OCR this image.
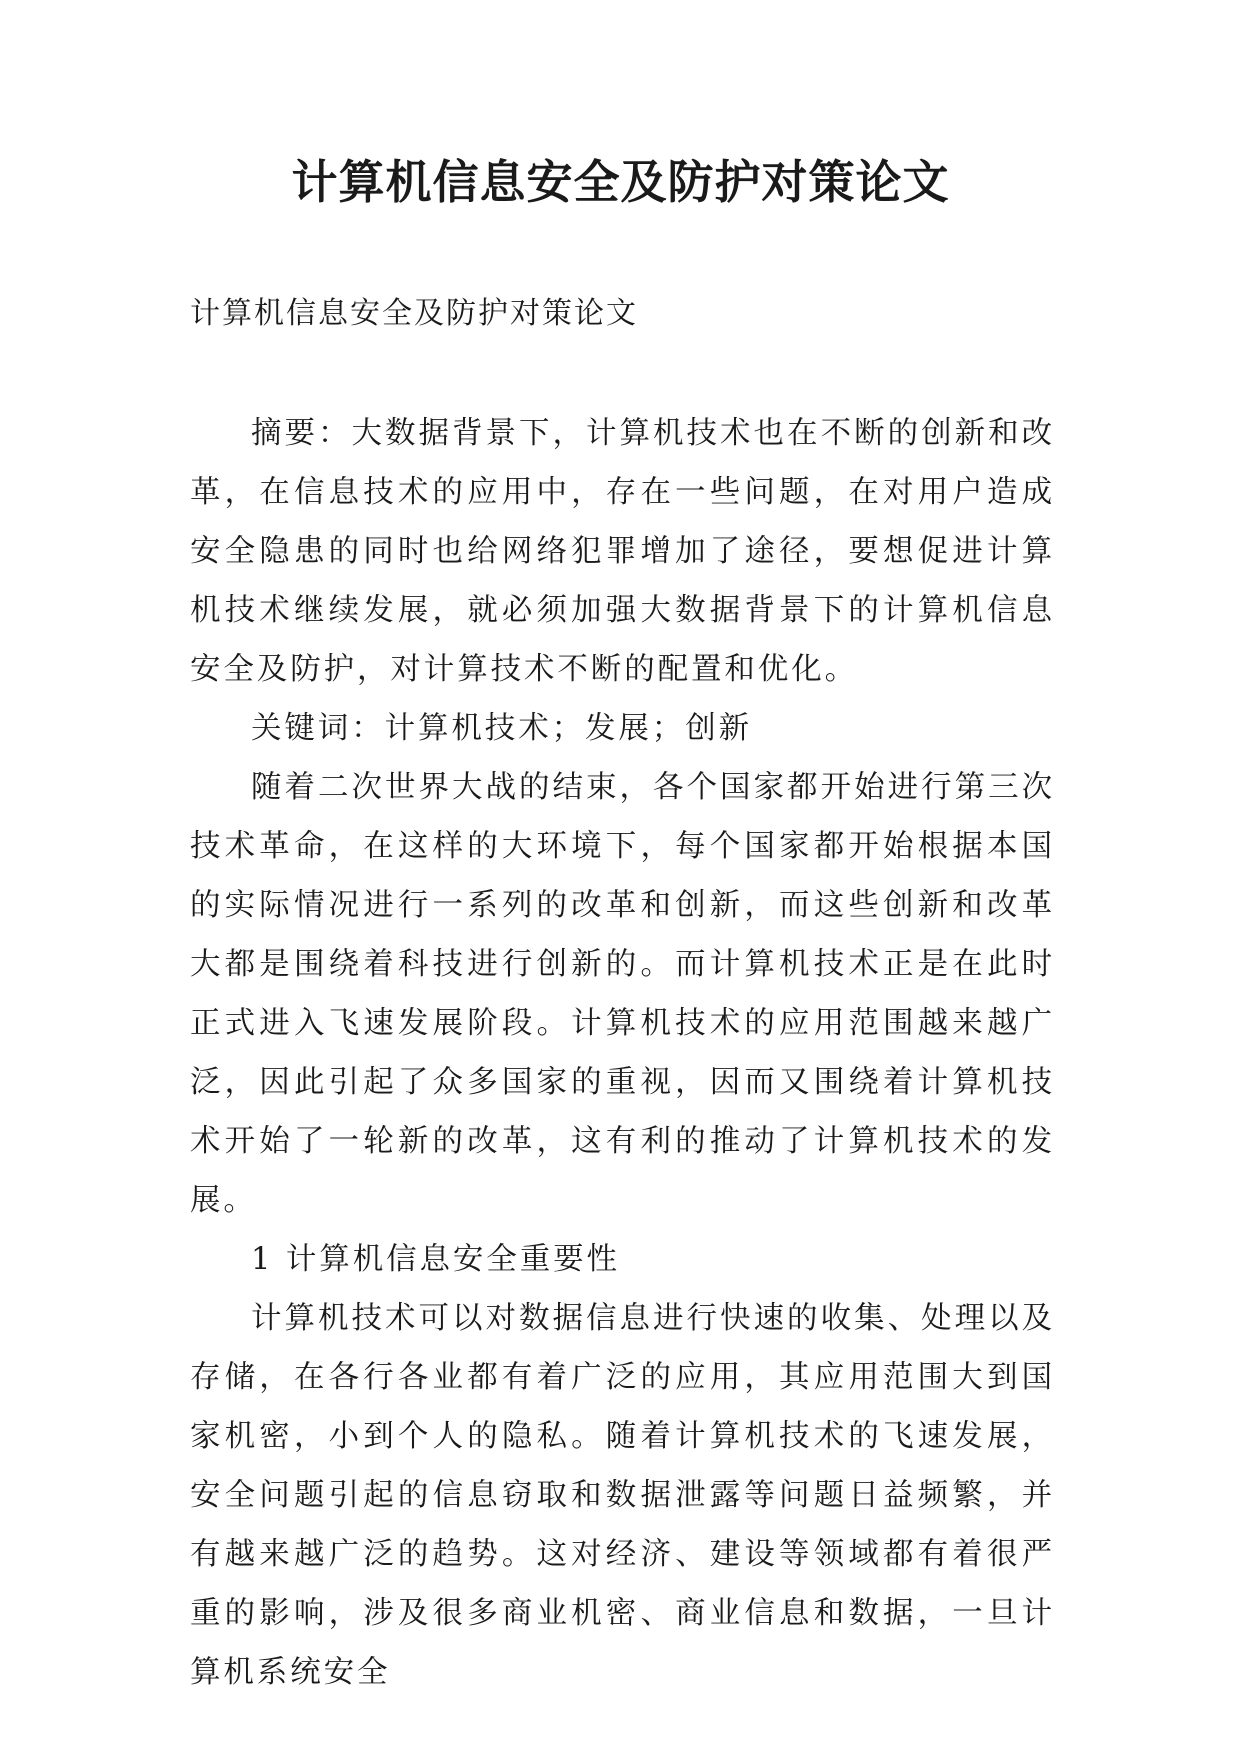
计算机信息安全及防护对策论文

计算机信息安全及防护对策论文

摘要：大数据背景下，计算机技术也在不断的创新和改革，在信息技术的应用中，存在一些问题，在对用户造成安全隐患的同时也给网络犯罪增加了途径，要想促进计算机技术继续发展，就必须加强大数据背景下的计算机信息安全及防护，对计算技术不断的配置和优化。

关键词：计算机技术；发展；创新

随着二次世界大战的结束，各个国家都开始进行第三次技术革命，在这样的大环境下，每个国家都开始根据本国的实际情况进行一系列的改革和创新，而这些创新和改革大都是围绕着科技进行创新的。而计算机技术正是在此时正式进入飞速发展阶段。计算机技术的应用范围越来越广泛，因此引起了众多国家的重视，因而又围绕着计算机技术开始了一轮新的改革，这有利的推动了计算机技术的发展。

1 计算机信息安全重要性

计算机技术可以对数据信息进行快速的收集、处理以及存储，在各行各业都有着广泛的应用，其应用范围大到国家机密，小到个人的隐私。随着计算机技术的飞速发展，安全问题引起的信息窃取和数据泄露等问题日益频繁，并有越来越广泛的趋势。这对经济、建设等领域都有着很严重的影响，涉及很多商业机密、商业信息和数据，一旦计算机系统安全
